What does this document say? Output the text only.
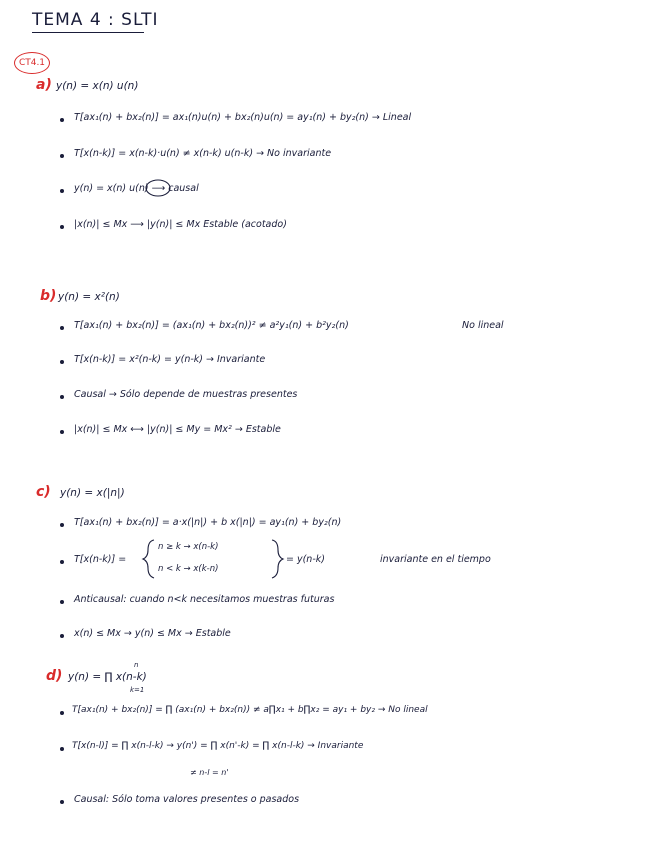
TEMA 4 : SLTI
CT4.1
a) y(n) = x(n) u(n)
T[ax₁(n) + bx₂(n)] = ax₁(n)u(n) + bx₂(n)u(n) = ay₁(n) + by₂(n) → Lineal
T[x(n-k)] = x(n-k)·u(n) ≠ x(n-k) u(n-k) → No invariante
y(n) = x(n) u(n) ⟶ causal
|x(n)| ≤ Mx ⟶ |y(n)| ≤ Mx Estable (acotado)
b) y(n) = x²(n)
T[ax₁(n) + bx₂(n)] = (ax₁(n) + bx₂(n))² ≠ a²y₁(n) + b²y₂(n)	No lineal
T[x(n-k)] = x²(n-k) = y(n-k) → Invariante
Causal → Sólo depende de muestras presentes
|x(n)| ≤ Mx ⟷ |y(n)| ≤ My = Mx² → Estable
c) y(n) = x(|n|)
T[ax₁(n) + bx₂(n)] = a·x(|n|) + b x(|n|) = ay₁(n) + by₂(n)
T[x(n-k)] =
n ≥ k → x(n-k)
n < k → x(k-n)
= y(n-k)	invariante en el tiempo
Anticausal: cuando n<k necesitamos muestras futuras
x(n) ≤ Mx → y(n) ≤ Mx → Estable
d) y(n) = ∏ x(n-k)
n
k=1
T[ax₁(n) + bx₂(n)] = ∏ (ax₁(n) + bx₂(n)) ≠ a∏x₁ + b∏x₂ = ay₁ + by₂ → No lineal
T[x(n-l)] = ∏ x(n-l-k) → y(n') = ∏ x(n'-k) = ∏ x(n-l-k) → Invariante
≠ n-l = n'
Causal: Sólo toma valores presentes o pasados
